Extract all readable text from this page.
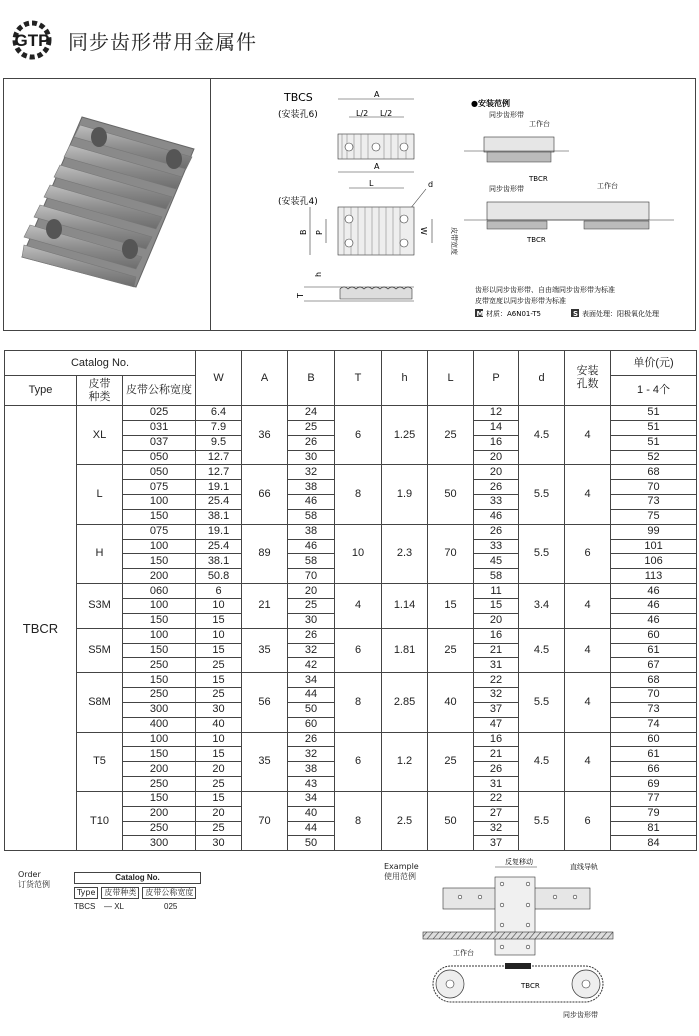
GTP 同步齿形带用金属件
TBCS
(安装孔6)
A
L/2 L/2
A
L	d
(安装孔4)
B P	W	皮带宽度
h
T
●安装范例
同步齿形带
工作台
TBCR
同步齿形带	工作台
TBCR
齿形以同步齿形带、自由端同步齿形带为标准
皮带宽度以同步齿形带为标准
M 材质：A6N01-T5	S 表面处理：阳极氧化处理
Catalog No.			W	A	B	T	h	L	P	d	安装孔数	单价(元)
Type	皮带种类	皮带公称宽度										1 - 4个
TBCR	XL	025	6.4	36	24	6	1.25	25	12	4.5	4	51
		031	7.9		25				14			51
		037	9.5		26				16			51
		050	12.7		30				20			52
	L	050	12.7	66	32	8	1.9	50	20	5.5	4	68
		075	19.1		38				26			70
		100	25.4		46				33			73
		150	38.1		58				46			75
	H	075	19.1	89	38	10	2.3	70	26	5.5	6	99
		100	25.4		46				33			101
		150	38.1		58				45			106
		200	50.8		70				58			113
	S3M	060	6	21	20	4	1.14	15	11	3.4	4	46
		100	10		25				15			46
		150	15		30				20			46
	S5M	100	10	35	26	6	1.81	25	16	4.5	4	60
		150	15		32				21			61
		250	25		42				31			67
	S8M	150	15	56	34	8	2.85	40	22	5.5	4	68
		250	25		44				32			70
		300	30		50				37			73
		400	40		60				47			74
	T5	100	10	35	26	6	1.2	25	16	4.5	4	60
		150	15		32				21			61
		200	20		38				26			66
		250	25		43				31			69
	T10	150	15	70	34	8	2.5	50	22	5.5	6	77
		200	20		40				27			79
		250	25		44				32			81
		300	30		50				37			84
Order
订货范例
Catalog No.
Type	皮带种类	皮带公称宽度
TBCS	— XL	025
Example
使用范例
反复移动
直线导轨
工作台
TBCR
同步齿形带
